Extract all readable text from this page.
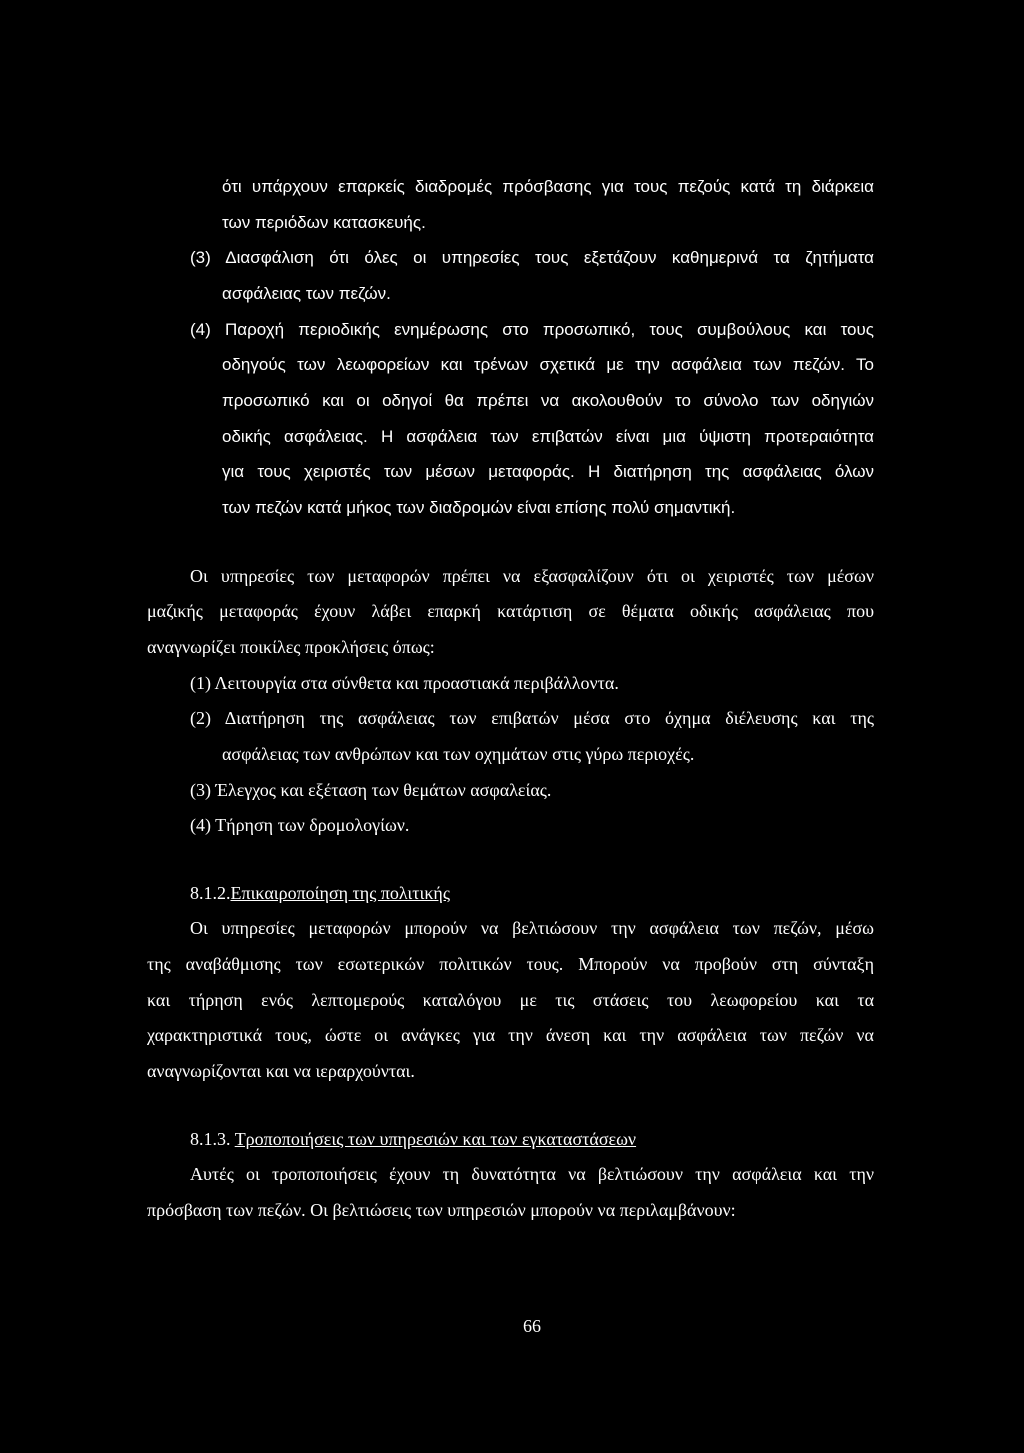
ότι υπάρχουν επαρκείς διαδρομές πρόσβασης για τους πεζούς κατά τη διάρκεια
των περιόδων κατασκευής.
(3) Διασφάλιση ότι όλες οι υπηρεσίες τους εξετάζουν καθημερινά τα ζητήματα
ασφάλειας των πεζών.
(4) Παροχή περιοδικής ενημέρωσης στο προσωπικό, τους συμβούλους και τους
οδηγούς των λεωφορείων και τρένων σχετικά με την ασφάλεια των πεζών. Το
προσωπικό και οι οδηγοί θα πρέπει να ακολουθούν το σύνολο των οδηγιών
οδικής ασφάλειας. Η ασφάλεια των επιβατών είναι μια ύψιστη προτεραιότητα
για τους χειριστές των μέσων μεταφοράς. Η διατήρηση της ασφάλειας όλων
των πεζών κατά μήκος των διαδρομών είναι επίσης πολύ σημαντική.
Οι υπηρεσίες των μεταφορών πρέπει να εξασφαλίζουν ότι οι χειριστές των μέσων
μαζικής μεταφοράς έχουν λάβει επαρκή κατάρτιση σε θέματα οδικής ασφάλειας που
αναγνωρίζει ποικίλες προκλήσεις όπως:
(1) Λειτουργία στα σύνθετα και προαστιακά περιβάλλοντα.
(2) Διατήρηση της ασφάλειας των επιβατών μέσα στο όχημα διέλευσης και της
ασφάλειας των ανθρώπων και των οχημάτων στις γύρω περιοχές.
(3) Έλεγχος και εξέταση των θεμάτων ασφαλείας.
(4) Τήρηση των δρομολογίων.
8.1.2.Επικαιροποίηση της πολιτικής
Οι υπηρεσίες μεταφορών μπορούν να βελτιώσουν την ασφάλεια των πεζών, μέσω
της αναβάθμισης των εσωτερικών πολιτικών τους. Μπορούν να προβούν στη σύνταξη
και τήρηση ενός λεπτομερούς καταλόγου με τις στάσεις του λεωφορείου και τα
χαρακτηριστικά τους, ώστε οι ανάγκες για την άνεση και την ασφάλεια των πεζών να
αναγνωρίζονται και να ιεραρχούνται.
8.1.3. Τροποποιήσεις των υπηρεσιών και των εγκαταστάσεων
Αυτές οι τροποποιήσεις έχουν τη δυνατότητα να βελτιώσουν την ασφάλεια και την
πρόσβαση των πεζών. Οι βελτιώσεις των υπηρεσιών μπορούν να περιλαμβάνουν:
66
